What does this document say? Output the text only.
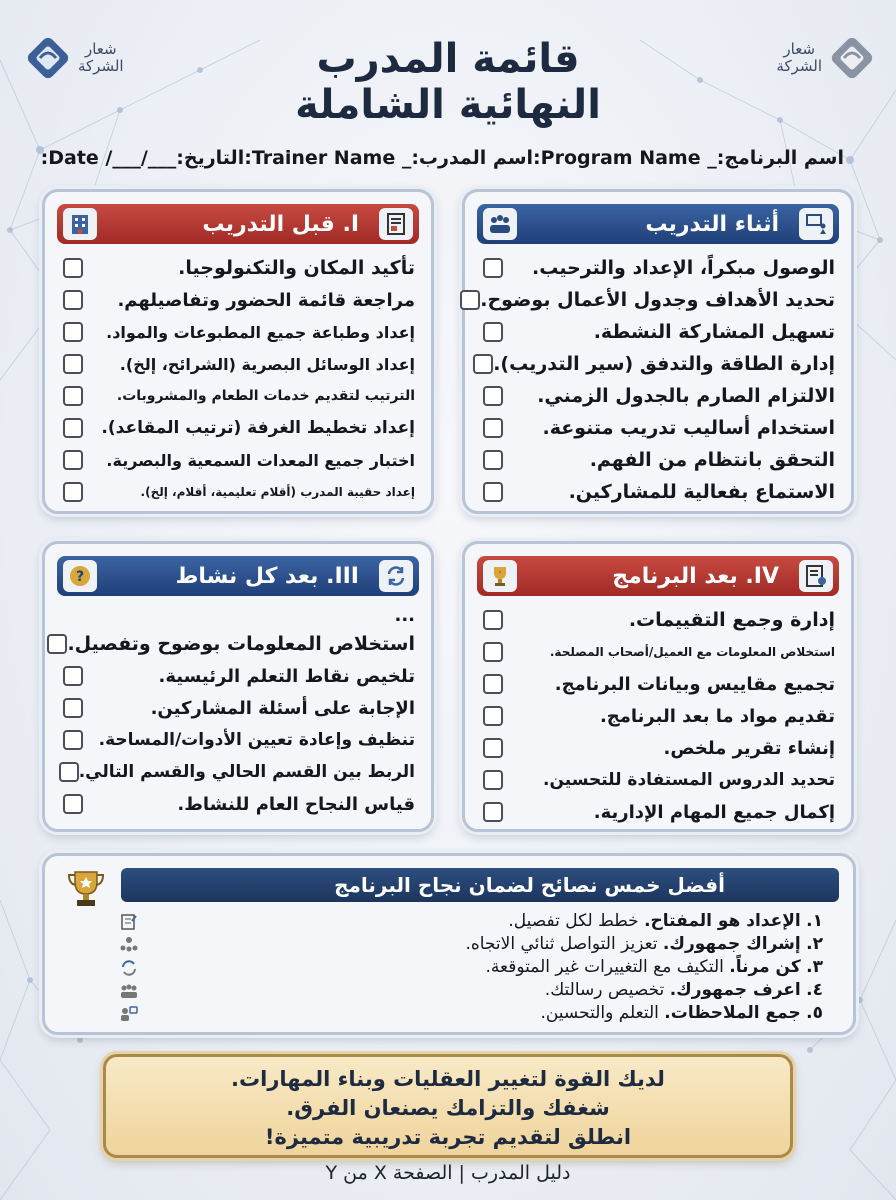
شعار
الشركة
شعار
الشركة
قائمة المدرب
النهائية الشاملة
اسم البرنامج:_ Program Name:
اسم المدرب:_ Trainer Name:
التاريخ:___/___/ Date:
أثناء التدريب
الوصول مبكراً، الإعداد والترحيب.
تحديد الأهداف وجدول الأعمال بوضوح.
تسهيل المشاركة النشطة.
إدارة الطاقة والتدفق (سير التدريب).
الالتزام الصارم بالجدول الزمني.
استخدام أساليب تدريب متنوعة.
التحقق بانتظام من الفهم.
الاستماع بفعالية للمشاركين.
I. قبل التدريب
تأكيد المكان والتكنولوجيا.
مراجعة قائمة الحضور وتفاصيلهم.
إعداد وطباعة جميع المطبوعات والمواد.
إعداد الوسائل البصرية (الشرائح، إلخ).
الترتيب لتقديم خدمات الطعام والمشروبات.
إعداد تخطيط الغرفة (ترتيب المقاعد).
اختبار جميع المعدات السمعية والبصرية.
إعداد حقيبة المدرب (أقلام تعليمية، أقلام، إلخ).
IV. بعد البرنامج
إدارة وجمع التقييمات.
استخلاص المعلومات مع العميل/أصحاب المصلحة.
تجميع مقاييس وبيانات البرنامج.
تقديم مواد ما بعد البرنامج.
إنشاء تقرير ملخص.
تحديد الدروس المستفادة للتحسين.
إكمال جميع المهام الإدارية.
III. بعد كل نشاط
?
...
استخلاص المعلومات بوضوح وتفصيل.
تلخيص نقاط التعلم الرئيسية.
الإجابة على أسئلة المشاركين.
تنظيف وإعادة تعيين الأدوات/المساحة.
الربط بين القسم الحالي والقسم التالي.
قياس النجاح العام للنشاط.
أفضل خمس نصائح لضمان نجاح البرنامج
١. الإعداد هو المفتاح. خطط لكل تفصيل.
٢. إشراك جمهورك. تعزيز التواصل ثنائي الاتجاه.
٣. كن مرناً. التكيف مع التغييرات غير المتوقعة.
٤. اعرف جمهورك. تخصيص رسالتك.
٥. جمع الملاحظات. التعلم والتحسين.
لديك القوة لتغيير العقليات وبناء المهارات.
شغفك والتزامك يصنعان الفرق.
انطلق لتقديم تجربة تدريبية متميزة!
دليل المدرب | الصفحة X من Y
